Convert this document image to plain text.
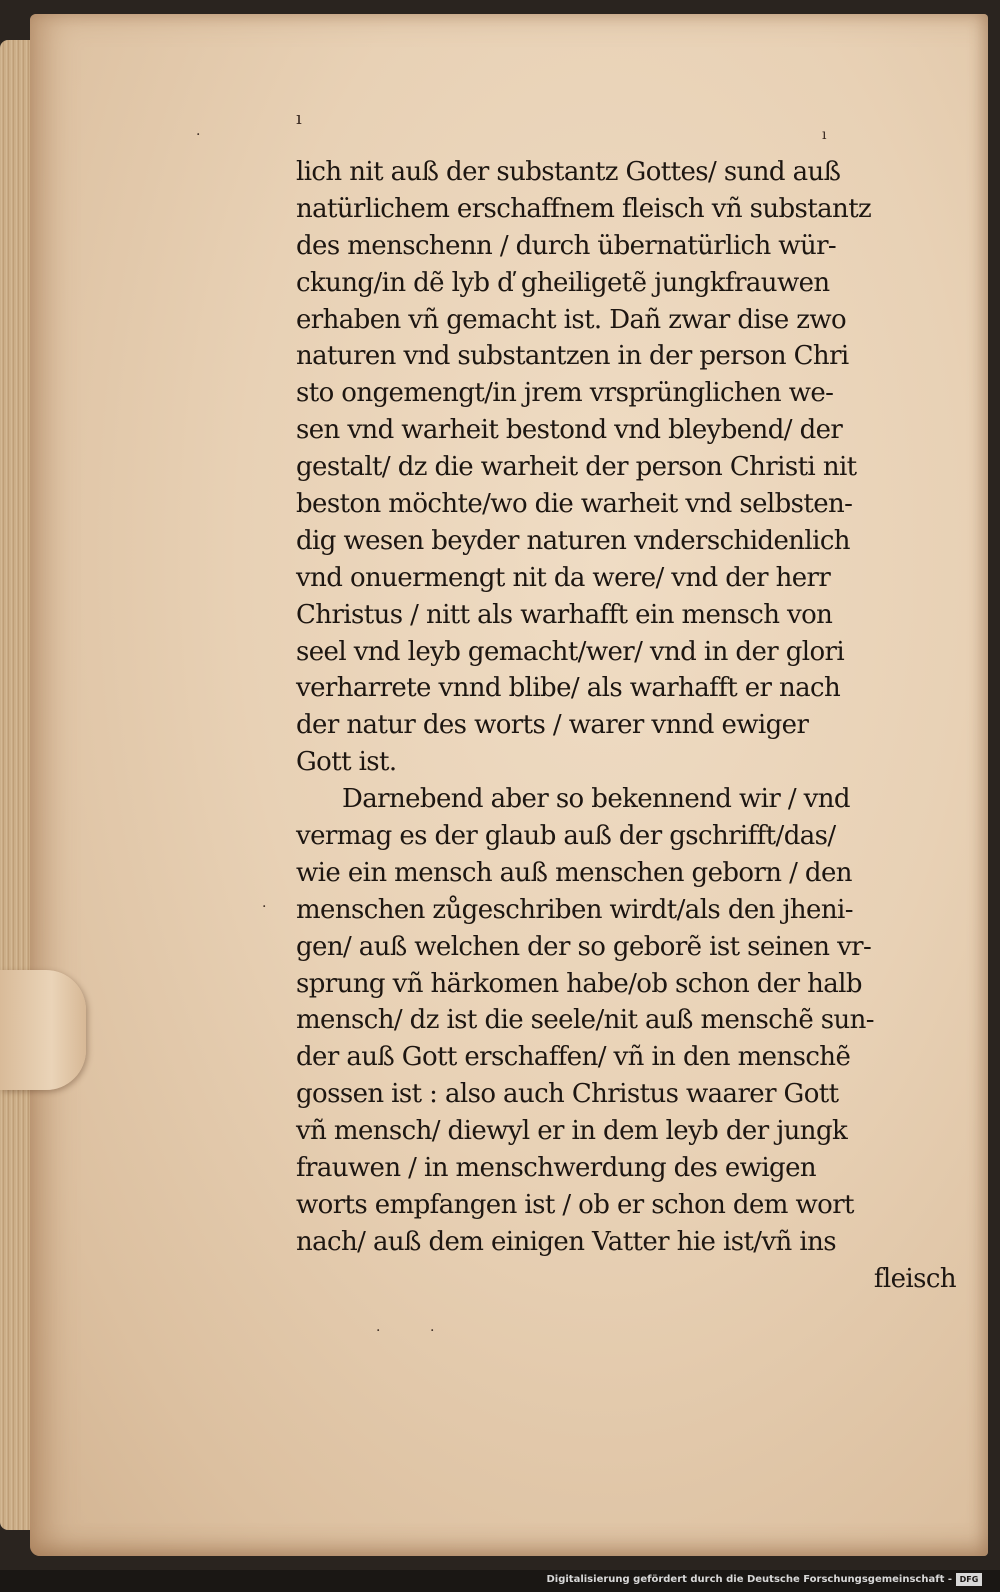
·
·
ı
ı
·	·
lich nit auß der substantz Gottes/ sund auß
natürlichem erschaffnem fleisch vñ substantz
des menschenn / durch übernatürlich wür-
ckung/in dẽ lyb ď gheiligetẽ jungkfrauwen
erhaben vñ gemacht ist. Dañ zwar dise zwo
naturen vnd substantzen in der person Chri
sto ongemengt/in jrem vrsprünglichen we-
sen vnd warheit bestond vnd bleybend/ der
gestalt/ dz die warheit der person Christi nit
beston möchte/wo die warheit vnd selbsten-
dig wesen beyder naturen vnderschidenlich
vnd onuermengt nit da were/ vnd der herr
Christus / nitt als warhafft ein mensch von
seel vnd leyb gemacht/wer/ vnd in der glori
verharrete vnnd blibe/ als warhafft er nach
der natur des worts / warer vnnd ewiger
Gott ist.
Darnebend aber so bekennend wir / vnd
vermag es der glaub auß der gschrifft/das/
wie ein mensch auß menschen geborn / den
menschen zůgeschriben wirdt/als den jheni-
gen/ auß welchen der so geborẽ ist seinen vr-
sprung vñ härkomen habe/ob schon der halb
mensch/ dz ist die seele/nit auß menschẽ sun-
der auß Gott erschaffen/ vñ in den menschẽ
gossen ist : also auch Christus waarer Gott
vñ mensch/ diewyl er in dem leyb der jungk
frauwen / in menschwerdung des ewigen
worts empfangen ist / ob er schon dem wort
nach/ auß dem einigen Vatter hie ist/vñ ins
fleisch
Digitalisierung gefördert durch die Deutsche Forschungsgemeinschaft - DFG
